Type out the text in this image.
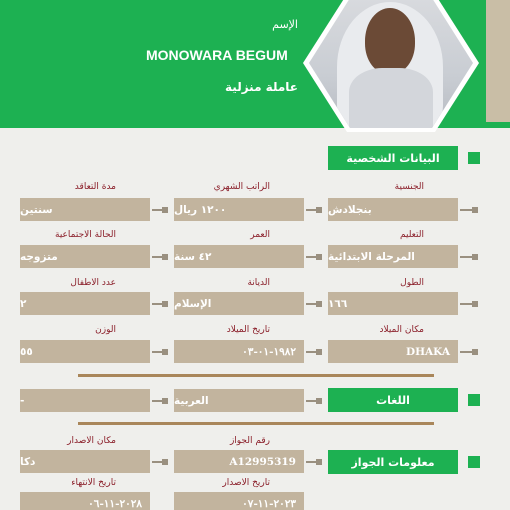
الإسم
MONOWARA BEGUM
عاملة منزلية
البيانات الشخصية
الجنسية
الراتب الشهري
مدة التعاقد
بنجلادش
١٢٠٠ ريال
سنتين
التعليم
العمر
الحالة الاجتماعية
المرحلة الابتدائية
٤٢ سنة
متزوجه
الطول
الديانة
عدد الاطفال
١٦٦
الإسلام
٢
مكان الميلاد
تاريخ الميلاد
الوزن
DHAKA
١٩٨٢-٠١-٠٣
٥٥
اللغات
العربية
-
رقم الجواز
مكان الاصدار
معلومات الجواز
A12995319
دكا
تاريخ الاصدار
تاريخ الانتهاء
٢٠٢٣-١١-٠٧
٢٠٢٨-١١-٠٦
